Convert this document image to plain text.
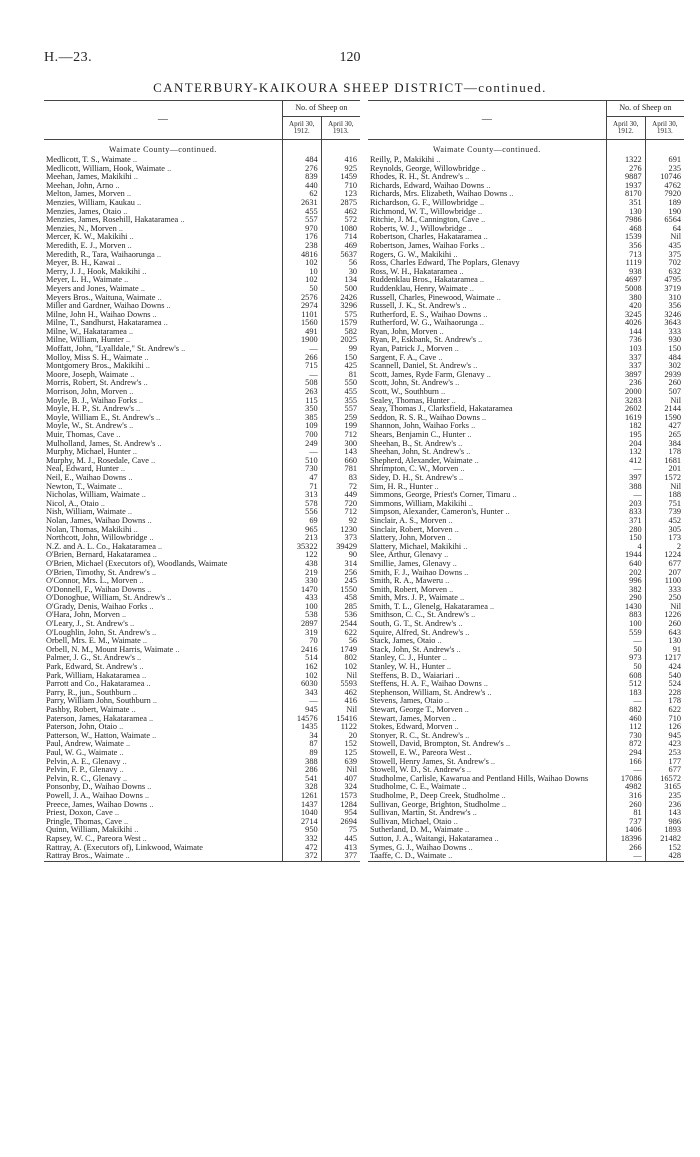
H.—23.	120
CANTERBURY-KAIKOURA SHEEP DISTRICT—continued.
—	No. of Sheep on	
	April 30, 1912.	April 30, 1913.
Waimate County—continued.		
Medlicott, T. S., Waimate ..	484	416
Medlicott, William, Hook, Waimate ..	276	925
Meehan, James, Makikihi ..	839	1459
Meehan, John, Arno ..	440	710
Melton, James, Morven ..	62	123
Menzies, William, Kaukau ..	2631	2875
Menzies, James, Otaio ..	455	462
Menzies, James, Rosehill, Hakataramea ..	557	572
Menzies, N., Morven ..	970	1080
Mercer, K. W., Makikihi ..	176	714
Meredith, E. J., Morven ..	238	469
Meredith, R., Tara, Waihaorunga ..	4816	5637
Meyer, B. H., Kawai ..	102	56
Merry, J. J., Hook, Makikihi ..	10	30
Meyer, L. H., Waimate ..	102	134
Meyers and Jones, Waimate ..	50	500
Meyers Bros., Waituna, Waimate ..	2576	2426
Miller and Gardner, Waihao Downs ..	2974	3296
Milne, John H., Waihao Downs ..	1101	575
Milne, T., Sandhurst, Hakataramea ..	1560	1579
Milne, W., Hakataramea ..	491	582
Milne, William, Hunter ..	1900	2025
Moffatt, John, "Lyalldale," St. Andrew's ..	—	99
Molloy, Miss S. H., Waimate ..	266	150
Montgomery Bros., Makikihi ..	715	425
Moore, Joseph, Waimate ..	—	81
Morris, Robert, St. Andrew's ..	508	550
Morrison, John, Morven ..	263	455
Moyle, B. J., Waihao Forks ..	115	355
Moyle, H. P., St. Andrew's ..	350	557
Moyle, William E., St. Andrew's ..	385	259
Moyle, W., St. Andrew's ..	109	199
Muir, Thomas, Cave ..	700	712
Mulholland, James, St. Andrew's ..	249	300
Murphy, Michael, Hunter ..	—	143
Murphy, M. J., Rosedale, Cave ..	510	660
Neal, Edward, Hunter ..	730	781
Neil, E., Waihao Downs ..	47	83
Newton, T., Waimate ..	71	72
Nicholas, William, Waimate ..	313	449
Nicol, A., Otaio ..	578	720
Nish, William, Waimate ..	556	712
Nolan, James, Waihao Downs ..	69	92
Nolan, Thomas, Makikihi ..	965	1230
Northcott, John, Willowbridge ..	213	373
N.Z. and A. L. Co., Hakataramea ..	35322	39429
O'Brien, Bernard, Hakataramea ..	122	90
O'Brien, Michael (Executors of), Woodlands, Waimate	438	314
O'Brien, Timothy, St. Andrew's ..	219	256
O'Connor, Mrs. L., Morven ..	330	245
O'Donnell, F., Waihao Downs ..	1470	1550
O'Donoghue, William, St. Andrew's ..	433	458
O'Grady, Denis, Waihao Forks ..	100	285
O'Hara, John, Morven ..	538	536
O'Leary, J., St. Andrew's ..	2897	2544
O'Loughlin, John, St. Andrew's ..	319	622
Orbell, Mrs. E. M., Waimate ..	70	56
Orbell, N. M., Mount Harris, Waimate ..	2416	1749
Palmer, J. G., St. Andrew's ..	514	802
Park, Edward, St. Andrew's ..	162	102
Park, William, Hakataramea ..	102	Nil
Parrott and Co., Hakataramea ..	6030	5593
Parry, R., jun., Southburn ..	343	462
Parry, William John, Southburn ..	—	416
Pashby, Robert, Waimate ..	945	Nil
Paterson, James, Hakataramea ..	14576	15416
Paterson, John, Otaio ..	1435	1122
Patterson, W., Hatton, Waimate ..	34	20
Paul, Andrew, Waimate ..	87	152
Paul, W. G., Waimate ..	89	125
Pelvin, A. E., Glenavy ..	388	639
Pelvin, F. P., Glenavy ..	286	Nil
Pelvin, R. C., Glenavy ..	541	407
Ponsonby, D., Waihao Downs ..	328	324
Powell, J. A., Waihao Downs ..	1261	1573
Preece, James, Waihao Downs ..	1437	1284
Priest, Doxon, Cave ..	1040	954
Pringle, Thomas, Cave ..	2714	2694
Quinn, William, Makikihi ..	950	75
Rapsey, W. C., Pareora West ..	332	445
Rattray, A. (Executors of), Linkwood, Waimate	472	413
Rattray Bros., Waimate ..	372	377
—	No. of Sheep on	
	April 30, 1912.	April 30, 1913.
Waimate County—continued.		
Reilly, P., Makikihi ..	1322	691
Reynolds, George, Willowbridge ..	276	235
Rhodes, R. H., St. Andrew's ..	9887	10746
Richards, Edward, Waihao Downs ..	1937	4762
Richards, Mrs. Elizabeth, Waihao Downs ..	8170	7920
Richardson, G. F., Willowbridge ..	351	189
Richmond, W. T., Willowbridge ..	130	190
Ritchie, J. M., Cannington, Cave ..	7986	6564
Roberts, W. J., Willowbridge ..	468	64
Robertson, Charles, Hakataramea ..	1539	Nil
Robertson, James, Waihao Forks ..	356	435
Rogers, G. W., Makikihi ..	713	375
Ross, Charles Edward, The Poplars, Glenavy	1119	702
Ross, W. H., Hakataramea ..	938	632
Ruddenklau Bros., Hakataramea ..	4697	4795
Ruddenklau, Henry, Waimate ..	5008	3719
Russell, Charles, Pinewood, Waimate ..	380	310
Russell, J. K., St. Andrew's ..	420	356
Rutherford, E. S., Waihao Downs ..	3245	3246
Rutherford, W. G., Waihaorunga ..	4026	3643
Ryan, John, Morven ..	144	333
Ryan, P., Eskbank, St. Andrew's ..	736	930
Ryan, Patrick J., Morven ..	103	150
Sargent, F. A., Cave ..	337	484
Scannell, Daniel, St. Andrew's ..	337	302
Scott, James, Ryde Farm, Glenavy ..	3897	2939
Scott, John, St. Andrew's ..	236	260
Scott, W., Southburn ..	2000	507
Sealey, Thomas, Hunter ..	3283	Nil
Seay, Thomas J., Clarksfield, Hakataramea	2602	2144
Seddon, R. S. R., Waihao Downs ..	1619	1590
Shannon, John, Waihao Forks ..	182	427
Shears, Benjamin C., Hunter ..	195	265
Sheehan, B., St. Andrew's ..	204	384
Sheehan, John, St. Andrew's ..	132	178
Shepherd, Alexander, Waimate ..	412	1681
Shrimpton, C. W., Morven ..	—	201
Sidey, D. H., St. Andrew's ..	397	1572
Sim, H. R., Hunter ..	388	Nil
Simmons, George, Priest's Corner, Timaru ..	—	188
Simmons, William, Makikihi ..	203	751
Simpson, Alexander, Cameron's, Hunter ..	833	739
Sinclair, A. S., Morven ..	371	452
Sinclair, Robert, Morven ..	280	305
Slattery, John, Morven ..	150	173
Slattery, Michael, Makikihi ..	4	2
Slee, Arthur, Glenavy ..	1944	1224
Smillie, James, Glenavy ..	640	677
Smith, F. J., Waihao Downs ..	202	207
Smith, R. A., Maweru ..	996	1100
Smith, Robert, Morven ..	382	333
Smith, Mrs. J. P., Waimate ..	290	250
Smith, T. L., Glenelg, Hakataramea ..	1430	Nil
Smithson, C. C., St. Andrew's ..	883	1226
South, G. T., St. Andrew's ..	100	260
Squire, Alfred, St. Andrew's ..	559	643
Stack, James, Otaio ..	—	130
Stack, John, St. Andrew's ..	50	91
Stanley, C. J., Hunter ..	973	1217
Stanley, W. H., Hunter ..	50	424
Steffens, B. D., Waiariari ..	608	540
Steffens, H. A. F., Waihao Downs ..	512	524
Stephenson, William, St. Andrew's ..	183	228
Stevens, James, Otaio ..	—	178
Stewart, George T., Morven ..	882	622
Stewart, James, Morven ..	460	710
Stokes, Edward, Morven ..	112	126
Stonyer, R. C., St. Andrew's ..	730	945
Stowell, David, Brompton, St. Andrew's ..	872	423
Stowell, E. W., Pareora West ..	294	253
Stowell, Henry James, St. Andrew's ..	166	177
Stowell, W. D., St. Andrew's ..	—	677
Studholme, Carlisle, Kawarua and Pentland Hills, Waihao Downs	17086	16572
Studholme, C. E., Waimate ..	4982	3165
Studholme, P., Deep Creek, Studholme ..	316	235
Sullivan, George, Brighton, Studholme ..	260	236
Sullivan, Martin, St. Andrew's ..	81	143
Sullivan, Michael, Otaio ..	737	986
Sutherland, D. M., Waimate ..	1406	1893
Sutton, J. A., Waitangi, Hakataramea ..	18396	21482
Symes, G. J., Waihao Downs ..	266	152
Taaffe, C. D., Waimate ..	—	428
